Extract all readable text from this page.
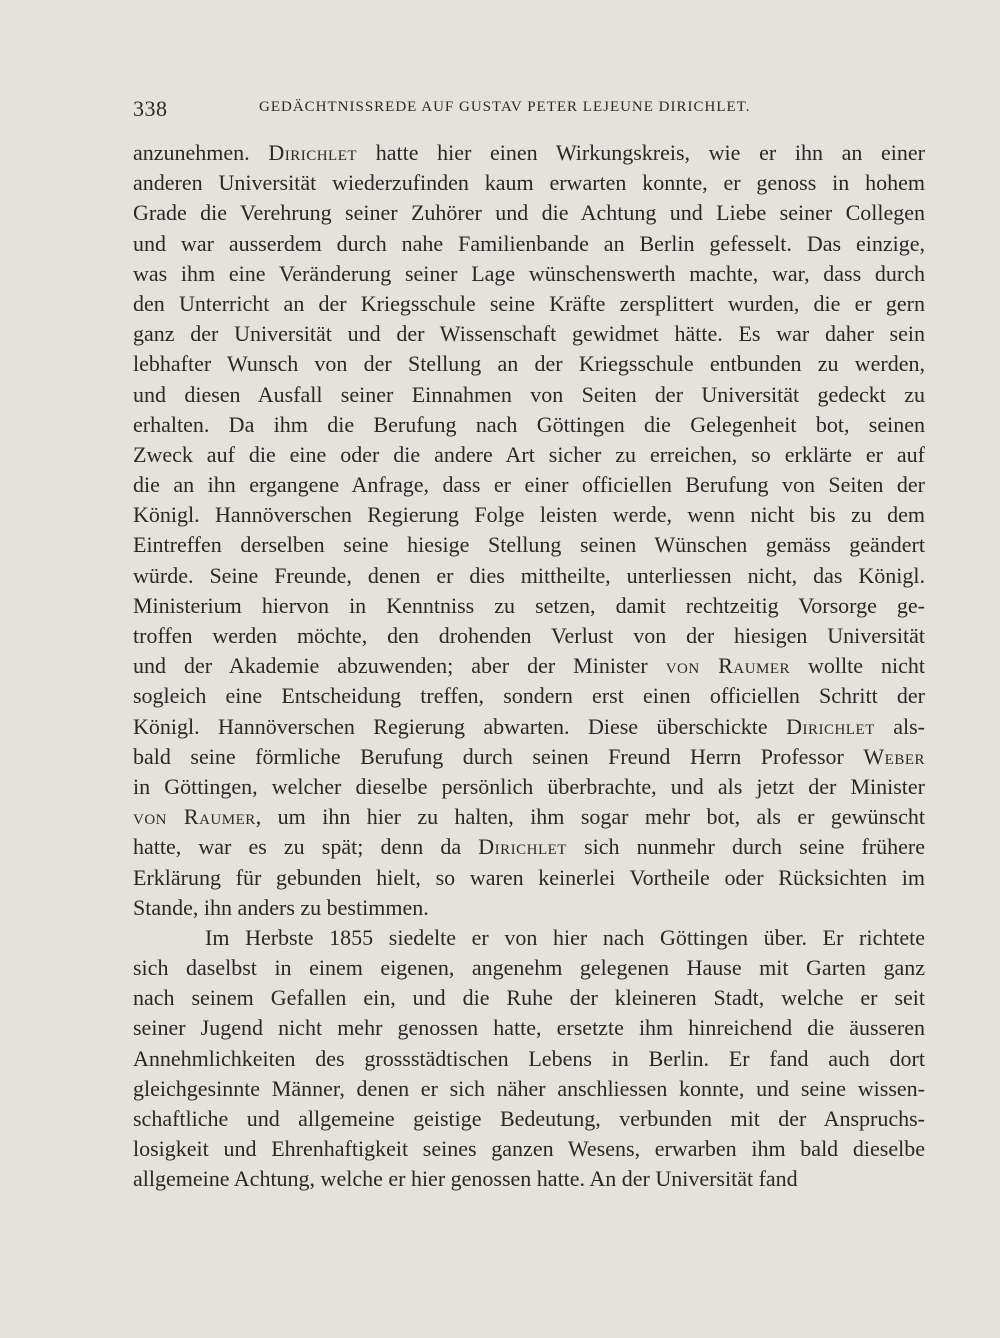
338	GEDÄCHTNISSREDE AUF GUSTAV PETER LEJEUNE DIRICHLET.
anzunehmen. Dirichlet hatte hier einen Wirkungskreis, wie er ihn an einer
anderen Universität wiederzufinden kaum erwarten konnte, er genoss in hohem
Grade die Verehrung seiner Zuhörer und die Achtung und Liebe seiner Collegen
und war ausserdem durch nahe Familienbande an Berlin gefesselt. Das einzige,
was ihm eine Veränderung seiner Lage wünschenswerth machte, war, dass durch
den Unterricht an der Kriegsschule seine Kräfte zersplittert wurden, die er gern
ganz der Universität und der Wissenschaft gewidmet hätte. Es war daher sein
lebhafter Wunsch von der Stellung an der Kriegsschule entbunden zu werden,
und diesen Ausfall seiner Einnahmen von Seiten der Universität gedeckt zu
erhalten. Da ihm die Berufung nach Göttingen die Gelegenheit bot, seinen
Zweck auf die eine oder die andere Art sicher zu erreichen, so erklärte er auf
die an ihn ergangene Anfrage, dass er einer officiellen Berufung von Seiten der
Königl. Hannöverschen Regierung Folge leisten werde, wenn nicht bis zu dem
Eintreffen derselben seine hiesige Stellung seinen Wünschen gemäss geändert
würde. Seine Freunde, denen er dies mittheilte, unterliessen nicht, das Königl.
Ministerium hiervon in Kenntniss zu setzen, damit rechtzeitig Vorsorge ge-
troffen werden möchte, den drohenden Verlust von der hiesigen Universität
und der Akademie abzuwenden; aber der Minister von Raumer wollte nicht
sogleich eine Entscheidung treffen, sondern erst einen officiellen Schritt der
Königl. Hannöverschen Regierung abwarten. Diese überschickte Dirichlet als-
bald seine förmliche Berufung durch seinen Freund Herrn Professor Weber
in Göttingen, welcher dieselbe persönlich überbrachte, und als jetzt der Minister
von Raumer, um ihn hier zu halten, ihm sogar mehr bot, als er gewünscht
hatte, war es zu spät; denn da Dirichlet sich nunmehr durch seine frühere
Erklärung für gebunden hielt, so waren keinerlei Vortheile oder Rücksichten im
Stande, ihn anders zu bestimmen.
Im Herbste 1855 siedelte er von hier nach Göttingen über. Er richtete
sich daselbst in einem eigenen, angenehm gelegenen Hause mit Garten ganz
nach seinem Gefallen ein, und die Ruhe der kleineren Stadt, welche er seit
seiner Jugend nicht mehr genossen hatte, ersetzte ihm hinreichend die äusseren
Annehmlichkeiten des grossstädtischen Lebens in Berlin. Er fand auch dort
gleichgesinnte Männer, denen er sich näher anschliessen konnte, und seine wissen-
schaftliche und allgemeine geistige Bedeutung, verbunden mit der Anspruchs-
losigkeit und Ehrenhaftigkeit seines ganzen Wesens, erwarben ihm bald dieselbe
allgemeine Achtung, welche er hier genossen hatte. An der Universität fand
